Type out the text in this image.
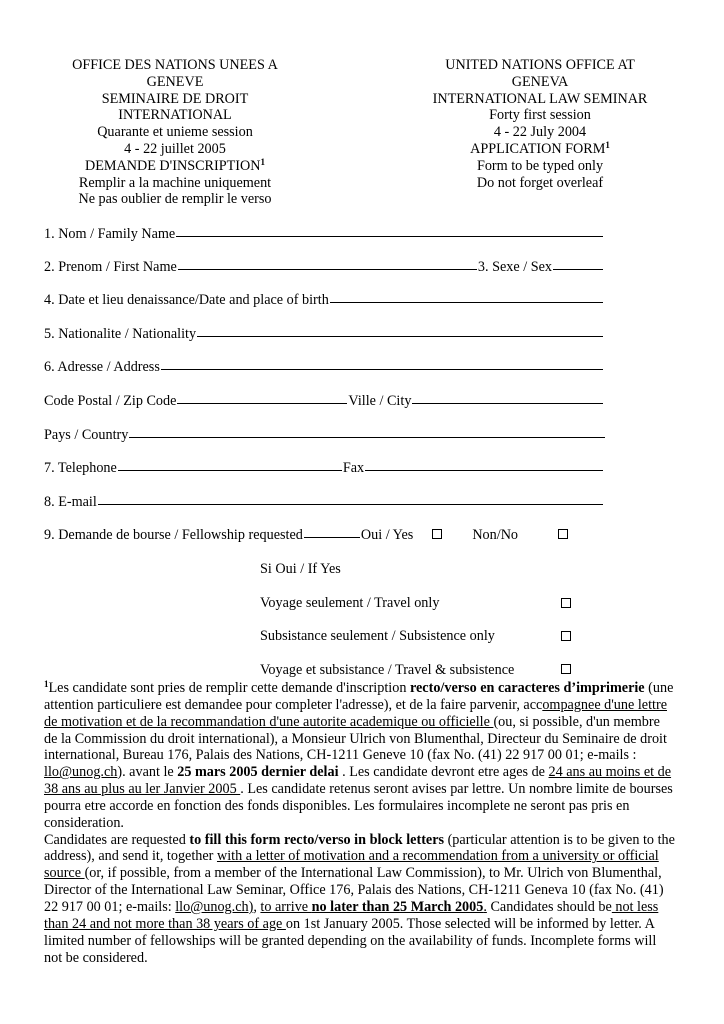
OFFICE DES NATIONS UNEES A
GENEVE
SEMINAIRE DE DROIT
INTERNATIONAL
Quarante et unieme session
4 - 22 juillet 2005
DEMANDE D'INSCRIPTION$^1$
Remplir a la machine uniquement
Ne pas oublier de remplir le verso
UNITED NATIONS OFFICE AT
GENEVA
INTERNATIONAL LAW SEMINAR
Forty first session
4 - 22 July 2004
APPLICATION FORM$^1$
Form to be typed only
Do not forget overleaf
1. Nom / Family Name
2. Prenom / First Name	3. Sexe / Sex
4. Date et lieu denaissance/Date and place of birth
5. Nationalite / Nationality
6. Adresse / Address
Code Postal / Zip Code	Ville / City
Pays / Country
7. Telephone	Fax
8. E-mail
9. Demande de bourse / Fellowship requested	Oui / Yes	Non/No
Si Oui / If Yes
Voyage seulement / Travel only
Subsistance seulement / Subsistence only
Voyage et subsistance / Travel & subsistence

$^1$Les candidate sont pries de remplir cette demande d'inscription recto/verso en caracteres d’imprimerie (une attention particuliere est demandee pour completer l'adresse), et de la faire parvenir, accompagnee d'une lettre de motivation et de la recommandation d'une autorite academique ou officielle (ou, si possible, d'un membre de la Commission du droit international), a Monsieur Ulrich von Blumenthal, Directeur du Seminaire de droit international, Bureau 176, Palais des Nations, CH-1211 Geneve 10 (fax No. (41) 22 917 00 01; e-mails : llo@unog.ch). avant le 25 mars 2005 dernier delai . Les candidate devront etre ages de 24 ans au moins et de 38 ans au plus au ler Janvier 2005 . Les candidate retenus seront avises par lettre. Un nombre limite de bourses pourra etre accorde en fonction des fonds disponibles. Les formulaires incomplete ne seront pas pris en consideration.

Candidates are requested to fill this form recto/verso in block letters (particular attention is to be given to the address), and send it, together with a letter of motivation and a recommendation from a university or official source (or, if possible, from a member of the International Law Commission), to Mr. Ulrich von Blumenthal, Director of the International Law Seminar, Office 176, Palais des Nations, CH-1211 Geneva 10 (fax No. (41) 22 917 00 01; e-mails: llo@unog.ch), to arrive no later than 25 March 2005. Candidates should be not less than 24 and not more than 38 years of age on 1st January 2005. Those selected will be informed by letter. A limited number of fellowships will be granted depending on the availability of funds. Incomplete forms will not be considered.
